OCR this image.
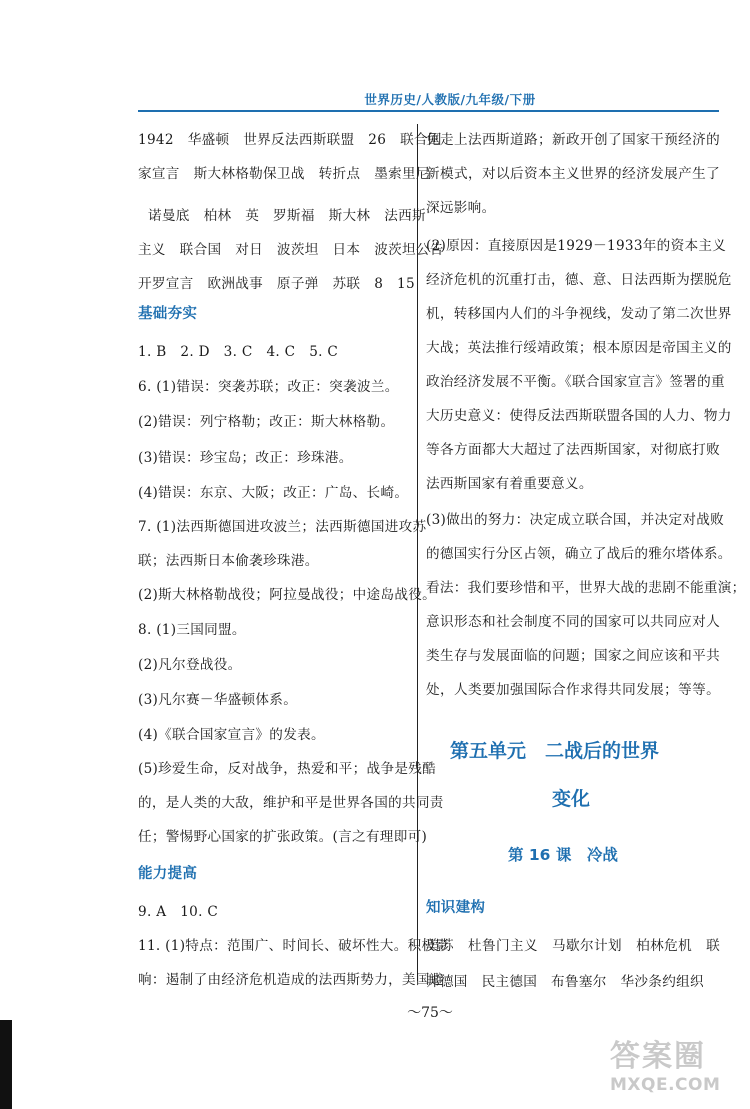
世界历史/人教版/九年级/下册
1942　华盛顿　世界反法西斯联盟　26　联合国
家宣言　斯大林格勒保卫战　转折点　墨索里尼
诺曼底　柏林　英　罗斯福　斯大林　法西斯
主义　联合国　对日　波茨坦　日本　波茨坦公告
开罗宣言　欧洲战事　原子弹　苏联　8　15
基础夯实
1. B　2. D　3. C　4. C　5. C
6. (1)错误：突袭苏联；改正：突袭波兰。
(2)错误：列宁格勒；改正：斯大林格勒。
(3)错误：珍宝岛；改正：珍珠港。
(4)错误：东京、大阪；改正：广岛、长崎。
7. (1)法西斯德国进攻波兰；法西斯德国进攻苏
联；法西斯日本偷袭珍珠港。
(2)斯大林格勒战役；阿拉曼战役；中途岛战役。
8. (1)三国同盟。
(2)凡尔登战役。
(3)凡尔赛－华盛顿体系。
(4)《联合国家宣言》的发表。
(5)珍爱生命，反对战争，热爱和平；战争是残酷
的，是人类的大敌，维护和平是世界各国的共同责
任；警惕野心国家的扩张政策。(言之有理即可)
能力提高
9. A　10. C
11. (1)特点：范围广、时间长、破坏性大。积极影
响：遏制了由经济危机造成的法西斯势力，美国避
免走上法西斯道路；新政开创了国家干预经济的
新模式，对以后资本主义世界的经济发展产生了
深远影响。
(2)原因：直接原因是1929－1933年的资本主义
经济危机的沉重打击，德、意、日法西斯为摆脱危
机，转移国内人们的斗争视线，发动了第二次世界
大战；英法推行绥靖政策；根本原因是帝国主义的
政治经济发展不平衡。《联合国家宣言》签署的重
大历史意义：使得反法西斯联盟各国的人力、物力
等各方面都大大超过了法西斯国家，对彻底打败
法西斯国家有着重要意义。
(3)做出的努力：决定成立联合国，并决定对战败
的德国实行分区占领，确立了战后的雅尔塔体系。
看法：我们要珍惜和平，世界大战的悲剧不能重演；
意识形态和社会制度不同的国家可以共同应对人
类生存与发展面临的问题；国家之间应该和平共
处，人类要加强国际合作求得共同发展；等等。
第五单元　二战后的世界
变化
第 16 课　冷战
知识建构
美苏　杜鲁门主义　马歇尔计划　柏林危机　联
邦德国　民主德国　布鲁塞尔　华沙条约组织
～75～
答案圈
MXQE.COM
